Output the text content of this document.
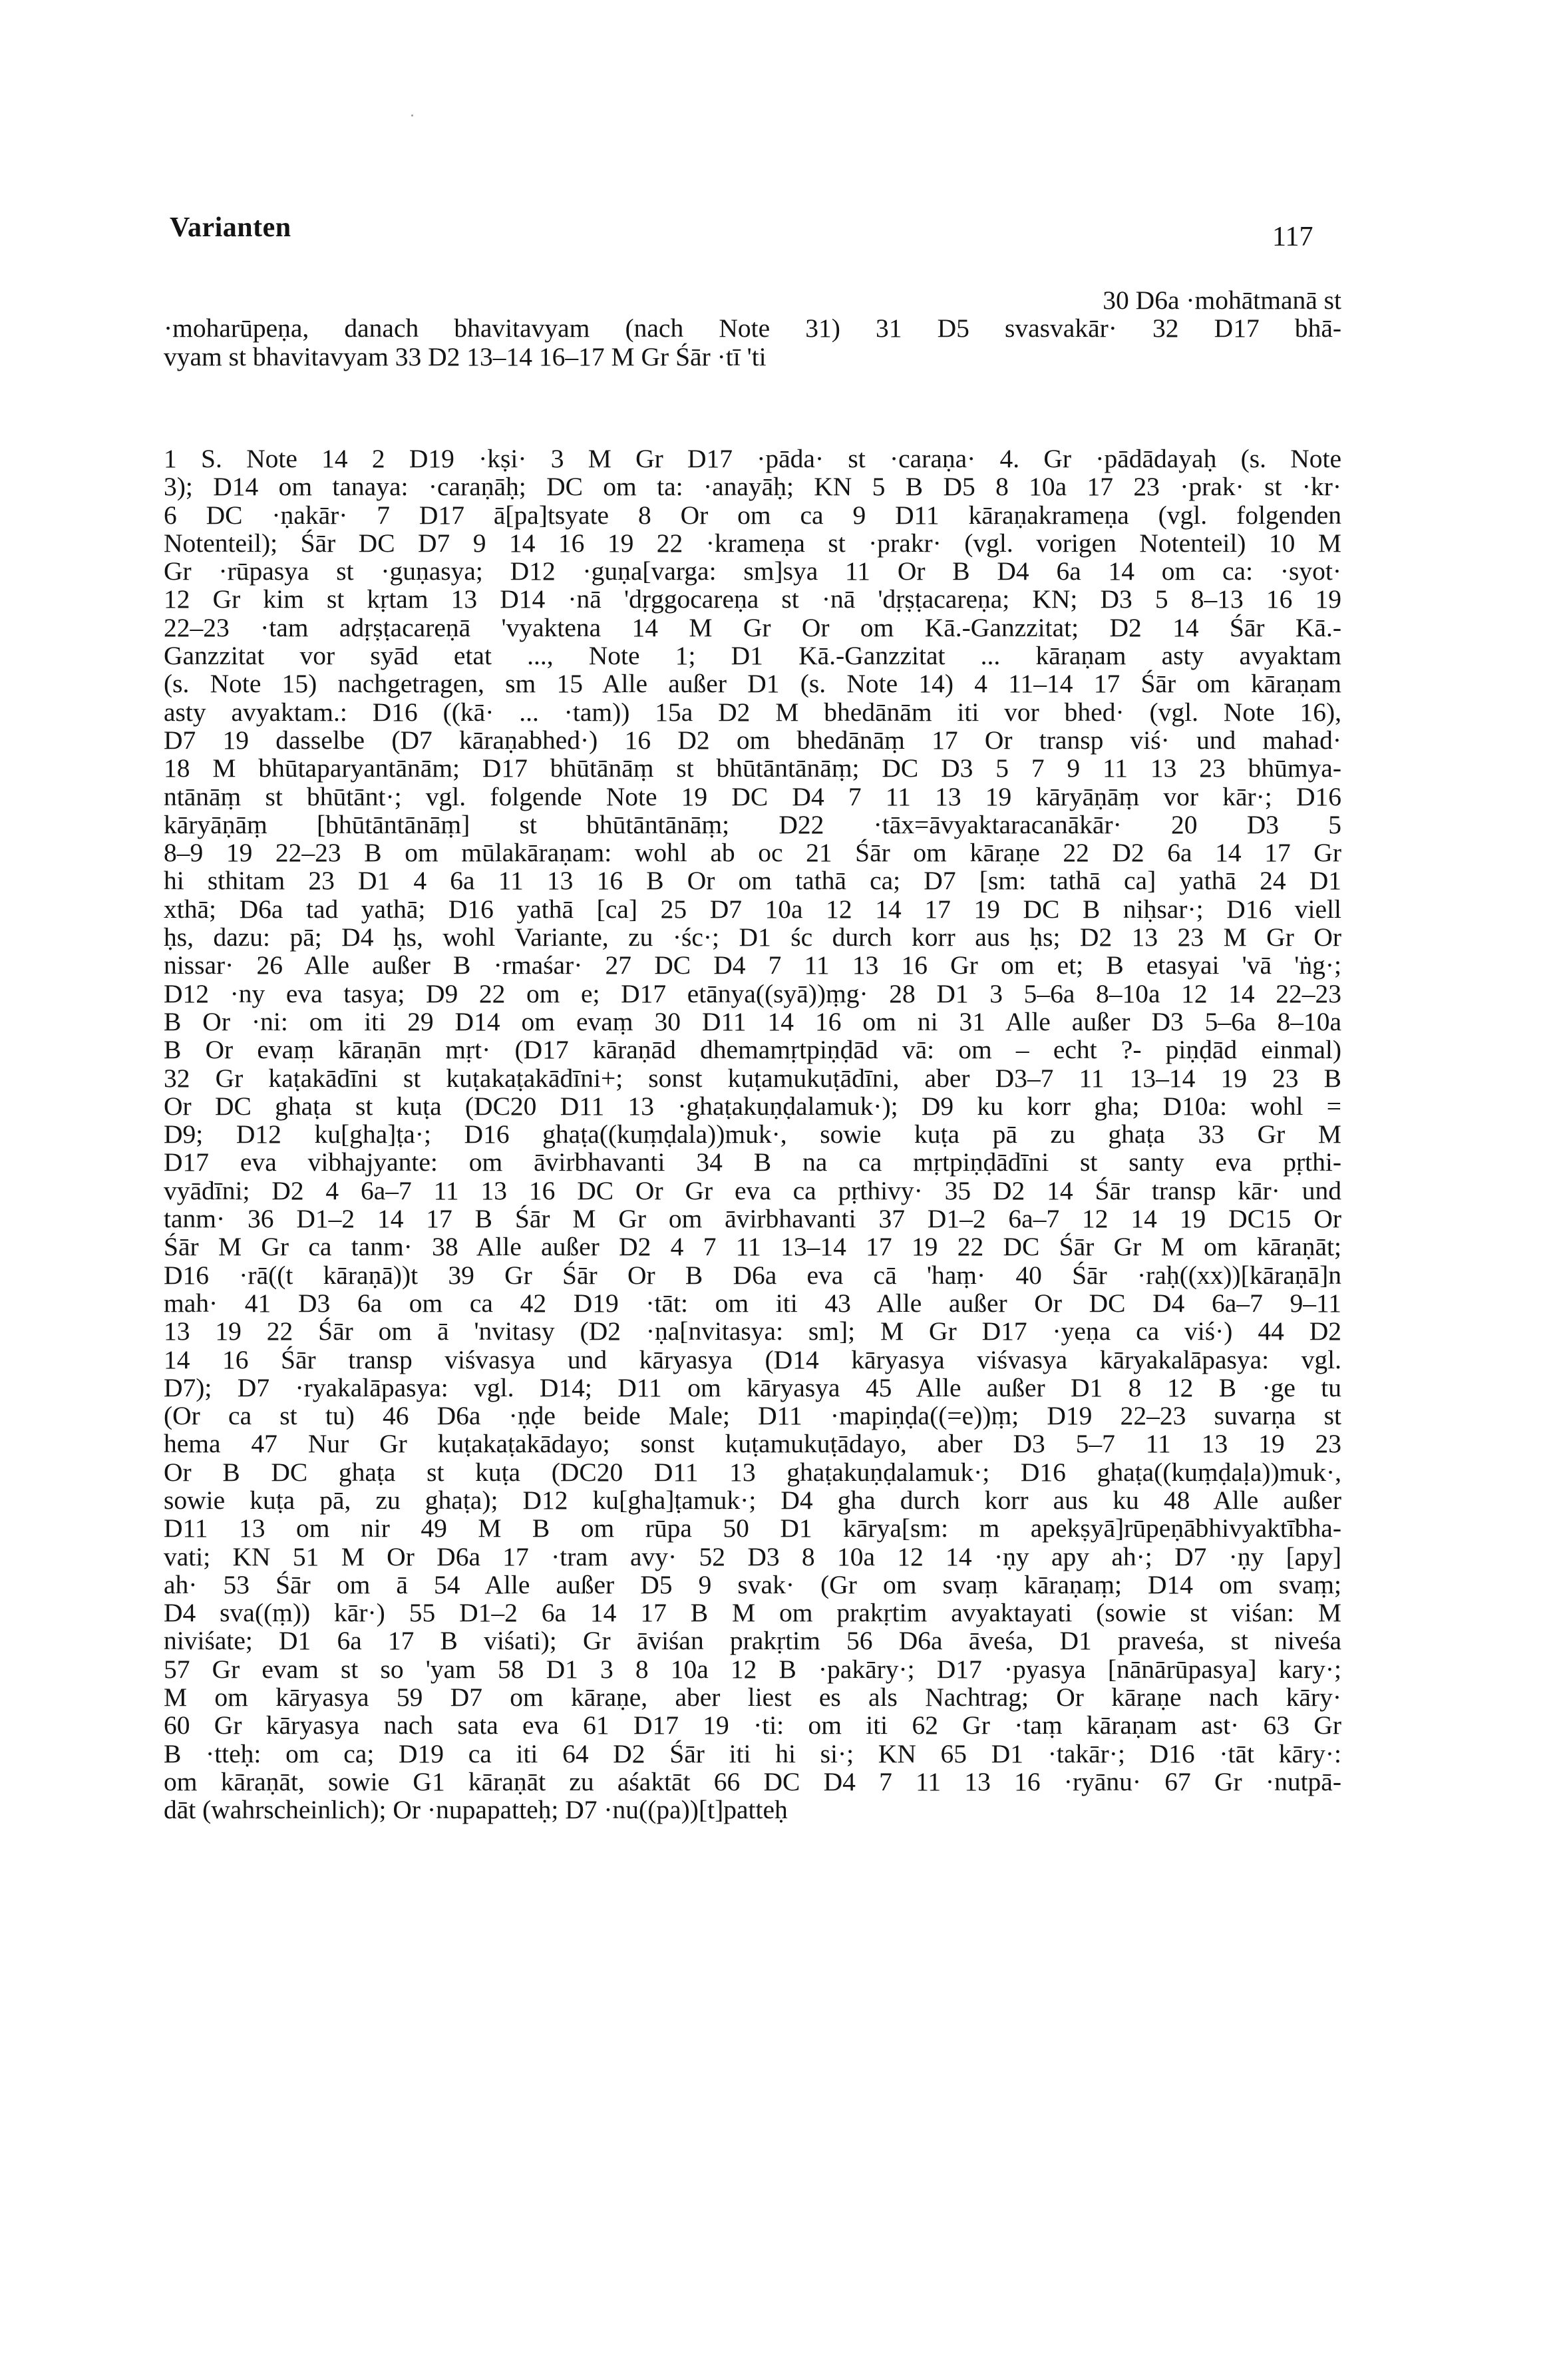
Varianten	117
30 D6a ·mohātmanā st
·moharūpeṇa, danach bhavitavyam (nach Note 31) 31 D5 svasvakār· 32 D17 bhā-
vyam st bhavitavyam 33 D2 13–14 16–17 M Gr Śār ·tī 'ti
1 S. Note 14 2 D19 ·kṣi· 3 M Gr D17 ·pāda· st ·caraṇa· 4. Gr ·pādādayaḥ (s. Note
3); D14 om tanaya: ·caraṇāḥ; DC om ta: ·anayāḥ; KN 5 B D5 8 10a 17 23 ·prak· st ·kr·
6 DC ·ṇakār· 7 D17 ā[pa]tsyate 8 Or om ca 9 D11 kāraṇakrameṇa (vgl. folgenden
Notenteil); Śār DC D7 9 14 16 19 22 ·krameṇa st ·prakr· (vgl. vorigen Notenteil) 10 M
Gr ·rūpasya st ·guṇasya; D12 ·guṇa[varga: sm]sya 11 Or B D4 6a 14 om ca: ·syot·
12 Gr kim st kṛtam 13 D14 ·nā 'dṛggocareṇa st ·nā 'dṛṣṭacareṇa; KN; D3 5 8–13 16 19
22–23 ·tam adṛṣṭacareṇā 'vyaktena 14 M Gr Or om Kā.-Ganzzitat; D2 14 Śār Kā.-
Ganzzitat vor syād etat ..., Note 1; D1 Kā.-Ganzzitat ... kāraṇam asty avyaktam
(s. Note 15) nachgetragen, sm 15 Alle außer D1 (s. Note 14) 4 11–14 17 Śār om kāraṇam
asty avyaktam.: D16 ((kā· ... ·tam)) 15a D2 M bhedānām iti vor bhed· (vgl. Note 16),
D7 19 dasselbe (D7 kāraṇabhed·) 16 D2 om bhedānāṃ 17 Or transp viś· und mahad·
18 M bhūtaparyantānām; D17 bhūtānāṃ st bhūtāntānāṃ; DC D3 5 7 9 11 13 23 bhūmya-
ntānāṃ st bhūtānt·; vgl. folgende Note 19 DC D4 7 11 13 19 kāryāṇāṃ vor kār·; D16
kāryāṇāṃ [bhūtāntānāṃ] st bhūtāntānāṃ; D22 ·tāx=āvyaktaracanākār· 20 D3 5
8–9 19 22–23 B om mūlakāraṇam: wohl ab oc 21 Śār om kāraṇe 22 D2 6a 14 17 Gr
hi sthitam 23 D1 4 6a 11 13 16 B Or om tathā ca; D7 [sm: tathā ca] yathā 24 D1
xthā; D6a tad yathā; D16 yathā [ca] 25 D7 10a 12 14 17 19 DC B niḥsar·; D16 viell
ḥs, dazu: pā; D4 ḥs, wohl Variante, zu ·śc·; D1 śc durch korr aus ḥs; D2 13 23 M Gr Or
nissar· 26 Alle außer B ·rmaśar· 27 DC D4 7 11 13 16 Gr om et; B etasyai 'vā 'ṅg·;
D12 ·ny eva tasya; D9 22 om e; D17 etānya((syā))ṃg· 28 D1 3 5–6a 8–10a 12 14 22–23
B Or ·ni: om iti 29 D14 om evaṃ 30 D11 14 16 om ni 31 Alle außer D3 5–6a 8–10a
B Or evaṃ kāraṇān mṛt· (D17 kāraṇād dhemamṛtpiṇḍād vā: om – echt ?- piṇḍād einmal)
32 Gr kaṭakādīni st kuṭakaṭakādīni+; sonst kuṭamukuṭādīni, aber D3–7 11 13–14 19 23 B
Or DC ghaṭa st kuṭa (DC20 D11 13 ·ghaṭakuṇḍalamuk·); D9 ku korr gha; D10a: wohl =
D9; D12 ku[gha]ṭa·; D16 ghaṭa((kuṃḍala))muk·, sowie kuṭa pā zu ghaṭa 33 Gr M
D17 eva vibhajyante: om āvirbhavanti 34 B na ca mṛtpiṇḍādīni st santy eva pṛthi-
vyādīni; D2 4 6a–7 11 13 16 DC Or Gr eva ca pṛthivy· 35 D2 14 Śār transp kār· und
tanm· 36 D1–2 14 17 B Śār M Gr om āvirbhavanti 37 D1–2 6a–7 12 14 19 DC15 Or
Śār M Gr ca tanm· 38 Alle außer D2 4 7 11 13–14 17 19 22 DC Śār Gr M om kāraṇāt;
D16 ·rā((t kāraṇā))t 39 Gr Śār Or B D6a eva cā 'haṃ· 40 Śār ·raḥ((xx))[kāraṇā]n
mah· 41 D3 6a om ca 42 D19 ·tāt: om iti 43 Alle außer Or DC D4 6a–7 9–11
13 19 22 Śār om ā 'nvitasy (D2 ·ṇa[nvitasya: sm]; M Gr D17 ·yeṇa ca viś·) 44 D2
14 16 Śār transp viśvasya und kāryasya (D14 kāryasya viśvasya kāryakalāpasya: vgl.
D7); D7 ·ryakalāpasya: vgl. D14; D11 om kāryasya 45 Alle außer D1 8 12 B ·ge tu
(Or ca st tu) 46 D6a ·ṇḍe beide Male; D11 ·mapiṇḍa((=e))ṃ; D19 22–23 suvarṇa st
hema 47 Nur Gr kuṭakaṭakādayo; sonst kuṭamukuṭādayo, aber D3 5–7 11 13 19 23
Or B DC ghaṭa st kuṭa (DC20 D11 13 ghaṭakuṇḍalamuk·; D16 ghaṭa((kuṃḍaḷa))muk·,
sowie kuṭa pā, zu ghaṭa); D12 ku[gha]ṭamuk·; D4 gha durch korr aus ku 48 Alle außer
D11 13 om nir 49 M B om rūpa 50 D1 kārya[sm: m apekṣyā]rūpeṇābhivyaktībha-
vati; KN 51 M Or D6a 17 ·tram avy· 52 D3 8 10a 12 14 ·ṇy apy ah·; D7 ·ṇy [apy]
ah· 53 Śār om ā 54 Alle außer D5 9 svak· (Gr om svaṃ kāraṇaṃ; D14 om svaṃ;
D4 sva((ṃ)) kār·) 55 D1–2 6a 14 17 B M om prakṛtim avyaktayati (sowie st viśan: M
niviśate; D1 6a 17 B viśati); Gr āviśan prakṛtim 56 D6a āveśa, D1 praveśa, st niveśa
57 Gr evam st so 'yam 58 D1 3 8 10a 12 B ·pakāry·; D17 ·pyasya [nānārūpasya] kary·;
M om kāryasya 59 D7 om kāraṇe, aber liest es als Nachtrag; Or kāraṇe nach kāry·
60 Gr kāryasya nach sata eva 61 D17 19 ·ti: om iti 62 Gr ·taṃ kāraṇam ast· 63 Gr
B ·tteḥ: om ca; D19 ca iti 64 D2 Śār iti hi si·; KN 65 D1 ·takār·; D16 ·tāt kāry·:
om kāraṇāt, sowie G1 kāraṇāt zu aśaktāt 66 DC D4 7 11 13 16 ·ryānu· 67 Gr ·nutpā-
dāt (wahrscheinlich); Or ·nupapatteḥ; D7 ·nu((pa))[t]patteḥ
